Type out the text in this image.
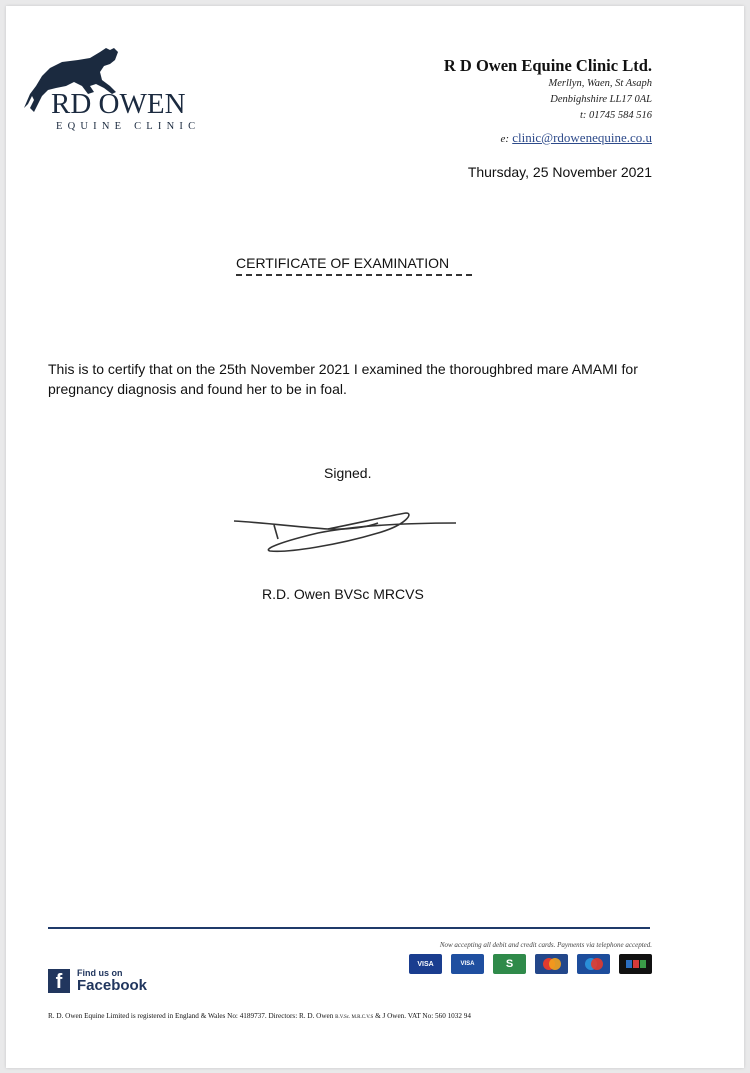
RD OWEN
EQUINE CLINIC
R D Owen Equine Clinic Ltd.
Merllyn, Waen, St Asaph
Denbighshire LL17 0AL
t: 01745 584 516
e: clinic@rdowenequine.co.u
Thursday, 25 November 2021
CERTIFICATE OF EXAMINATION
This is to certify that on the 25th November 2021 I examined the thoroughbred mare AMAMI for pregnancy diagnosis and found her to be in foal.
Signed.
R.D. Owen BVSc MRCVS
Now accepting all debit and credit cards. Payments via telephone accepted.
VISA	VISA	S
f Find us on
Facebook
R. D. Owen Equine Limited is registered in England & Wales No: 4189737. Directors: R. D. Owen B.V.Sc. M.R.C.V.S & J Owen. VAT No: 560 1032 94
